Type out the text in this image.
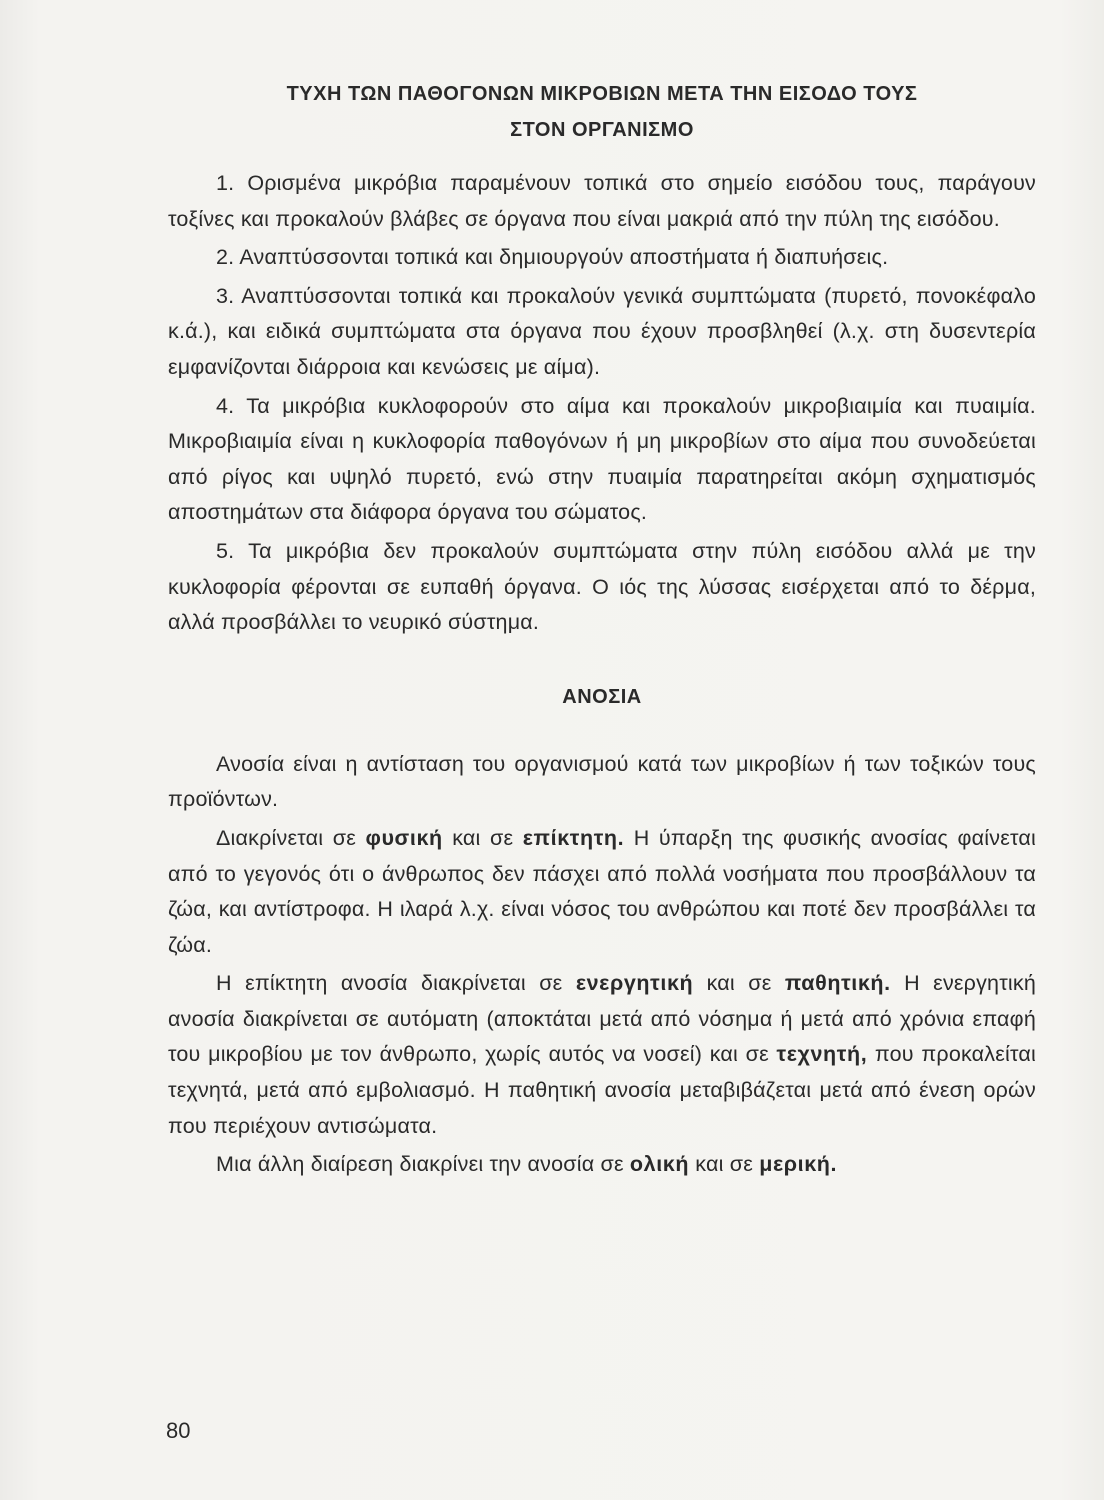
ΤΥΧΗ ΤΩΝ ΠΑΘΟΓΟΝΩΝ ΜΙΚΡΟΒΙΩΝ ΜΕΤΑ ΤΗΝ ΕΙΣΟΔΟ ΤΟΥΣ
ΣΤΟΝ ΟΡΓΑΝΙΣΜΟ

1. Ορισμένα μικρόβια παραμένουν τοπικά στο σημείο εισόδου τους, παράγουν τοξίνες και προκαλούν βλάβες σε όργανα που είναι μακριά από την πύλη της εισόδου.

2. Αναπτύσσονται τοπικά και δημιουργούν αποστήματα ή διαπυήσεις.

3. Αναπτύσσονται τοπικά και προκαλούν γενικά συμπτώματα (πυρετό, πονοκέφαλο κ.ά.), και ειδικά συμπτώματα στα όργανα που έχουν προσβληθεί (λ.χ. στη δυσεντερία εμφανίζονται διάρροια και κενώσεις με αίμα).

4. Τα μικρόβια κυκλοφορούν στο αίμα και προκαλούν μικροβιαιμία και πυαιμία. Μικροβιαιμία είναι η κυκλοφορία παθογόνων ή μη μικροβίων στο αίμα που συνοδεύεται από ρίγος και υψηλό πυρετό, ενώ στην πυαιμία παρατηρείται ακόμη σχηματισμός αποστημάτων στα διάφορα όργανα του σώματος.

5. Τα μικρόβια δεν προκαλούν συμπτώματα στην πύλη εισόδου αλλά με την κυκλοφορία φέρονται σε ευπαθή όργανα. Ο ιός της λύσσας εισέρχεται από το δέρμα, αλλά προσβάλλει το νευρικό σύστημα.

ΑΝΟΣΙΑ

Ανοσία είναι η αντίσταση του οργανισμού κατά των μικροβίων ή των τοξικών τους προϊόντων.

Διακρίνεται σε φυσική και σε επίκτητη. Η ύπαρξη της φυσικής ανοσίας φαίνεται από το γεγονός ότι ο άνθρωπος δεν πάσχει από πολλά νοσήματα που προσβάλλουν τα ζώα, και αντίστροφα. Η ιλαρά λ.χ. είναι νόσος του ανθρώπου και ποτέ δεν προσβάλλει τα ζώα.

Η επίκτητη ανοσία διακρίνεται σε ενεργητική και σε παθητική. Η ενεργητική ανοσία διακρίνεται σε αυτόματη (αποκτάται μετά από νόσημα ή μετά από χρόνια επαφή του μικροβίου με τον άνθρωπο, χωρίς αυτός να νοσεί) και σε τεχνητή, που προκαλείται τεχνητά, μετά από εμβολιασμό. Η παθητική ανοσία μεταβιβάζεται μετά από ένεση ορών που περιέχουν αντισώματα.

Μια άλλη διαίρεση διακρίνει την ανοσία σε ολική και σε μερική.

80
